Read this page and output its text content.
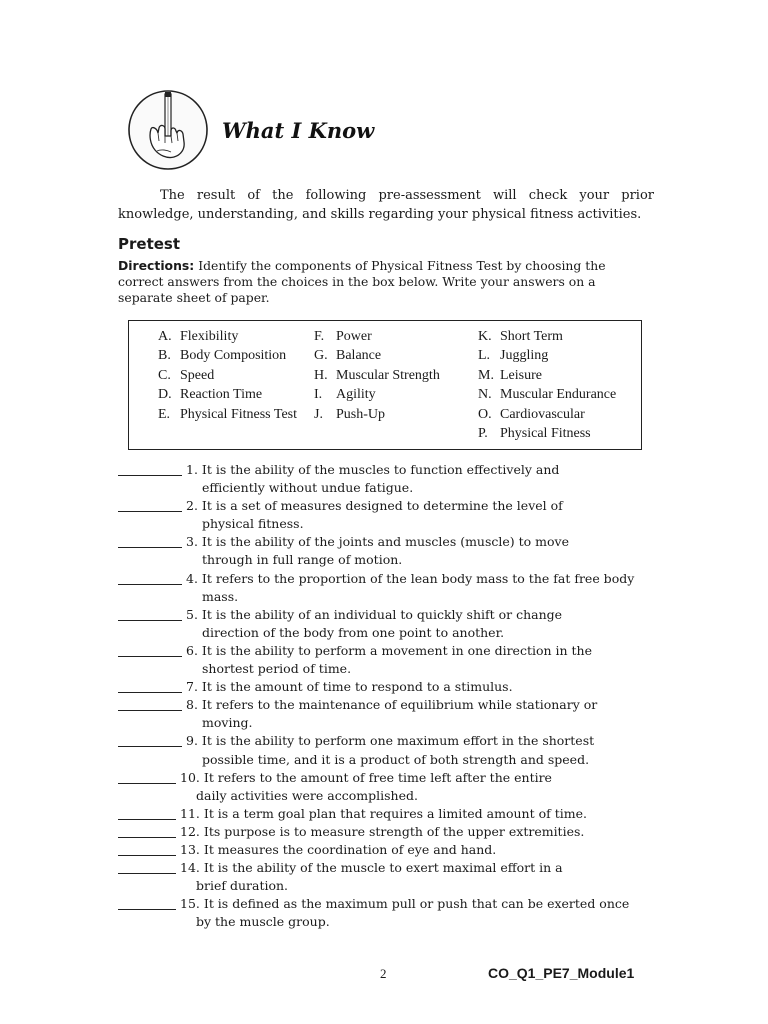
What I Know
The result of the following pre-assessment will check your prior knowledge, understanding, and skills regarding your physical fitness activities.
Pretest
Directions: Identify the components of Physical Fitness Test by choosing the correct answers from the choices in the box below. Write your answers on a separate sheet of paper.
A. Flexibility
B. Body Composition
C. Speed
D. Reaction Time
E. Physical Fitness Test
F. Power
G. Balance
H. Muscular Strength
I. Agility
J. Push-Up
K. Short Term
L. Juggling
M. Leisure
N. Muscular Endurance
O. Cardiovascular
P. Physical Fitness
1. It is the ability of the muscles to function effectively and
efficiently without undue fatigue.
2. It is a set of measures designed to determine the level of
physical fitness.
3. It is the ability of the joints and muscles (muscle) to move
through in full range of motion.
4. It refers to the proportion of the lean body mass to the fat free body
mass.
5. It is the ability of an individual to quickly shift or change
direction of the body from one point to another.
6. It is the ability to perform a movement in one direction in the
shortest period of time.
7. It is the amount of time to respond to a stimulus.
8. It refers to the maintenance of equilibrium while stationary or
moving.
9. It is the ability to perform one maximum effort in the shortest
possible time, and it is a product of both strength and speed.
10. It refers to the amount of free time left after the entire
daily activities were accomplished.
11. It is a term goal plan that requires a limited amount of time.
12. Its purpose is to measure strength of the upper extremities.
13. It measures the coordination of eye and hand.
14. It is the ability of the muscle to exert maximal effort in a
brief duration.
15. It is defined as the maximum pull or push that can be exerted once
by the muscle group.
2	CO_Q1_PE7_Module1
